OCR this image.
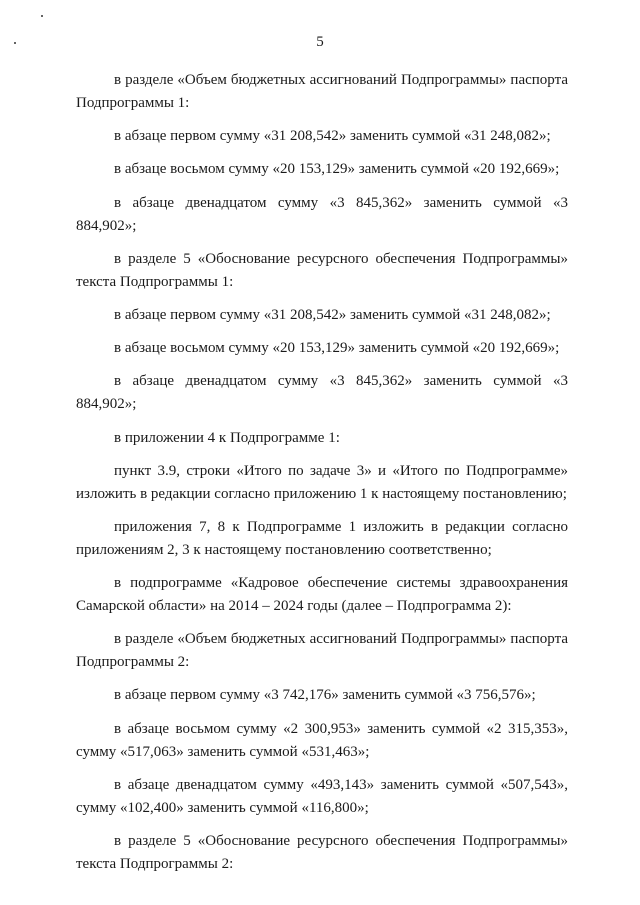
5

в разделе «Объем бюджетных ассигнований Подпрограммы» паспорта Подпрограммы 1:

в абзаце первом сумму «31 208,542» заменить суммой «31 248,082»;

в абзаце восьмом сумму «20 153,129» заменить суммой «20 192,669»;

в абзаце двенадцатом сумму «3 845,362» заменить суммой «3 884,902»;

в разделе 5 «Обоснование ресурсного обеспечения Подпрограммы» текста Подпрограммы 1:

в абзаце первом сумму «31 208,542» заменить суммой «31 248,082»;

в абзаце восьмом сумму «20 153,129» заменить суммой «20 192,669»;

в абзаце двенадцатом сумму «3 845,362» заменить суммой «3 884,902»;

в приложении 4 к Подпрограмме 1:

пункт 3.9, строки «Итого по задаче 3» и «Итого по Подпрограмме» изложить в редакции согласно приложению 1 к настоящему постановлению;

приложения 7, 8 к Подпрограмме 1 изложить в редакции согласно приложениям 2, 3 к настоящему постановлению соответственно;

в подпрограмме «Кадровое обеспечение системы здравоохранения Самарской области» на 2014 – 2024 годы (далее – Подпрограмма 2):

в разделе «Объем бюджетных ассигнований Подпрограммы» паспорта Подпрограммы 2:

в абзаце первом сумму «3 742,176» заменить суммой «3 756,576»;

в абзаце восьмом сумму «2 300,953» заменить суммой «2 315,353», сумму «517,063» заменить суммой «531,463»;

в абзаце двенадцатом сумму «493,143» заменить суммой «507,543», сумму «102,400» заменить суммой «116,800»;

в разделе 5 «Обоснование ресурсного обеспечения Подпрограммы» текста Подпрограммы 2:
